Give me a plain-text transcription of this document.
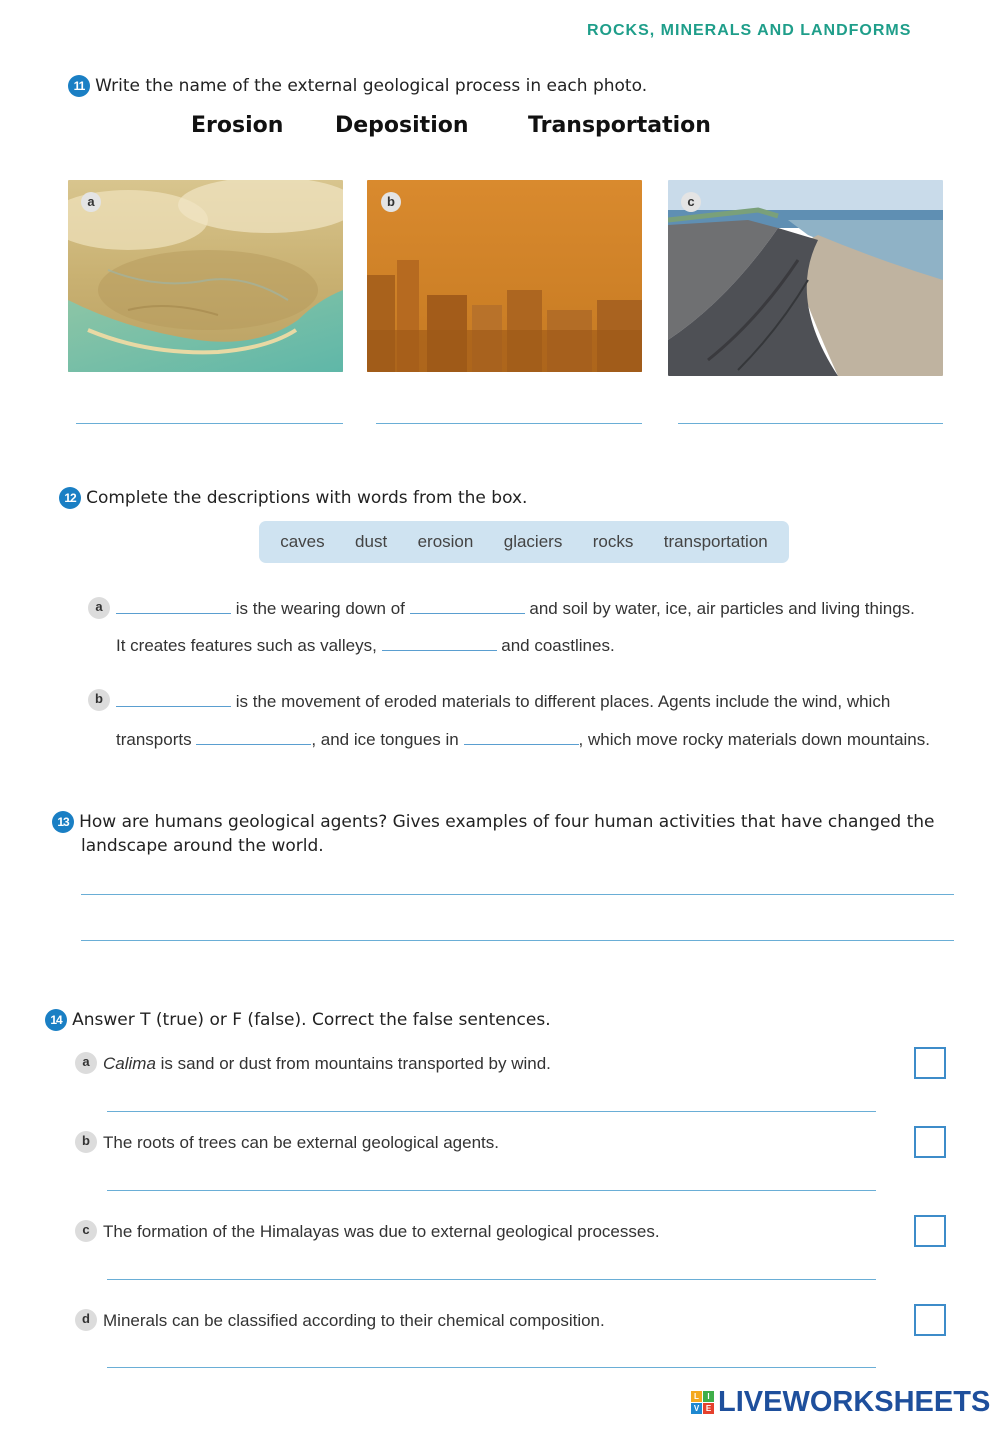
ROCKS, MINERALS AND LANDFORMS
11 Write the name of the external geological process in each photo.
Erosion Deposition	Transportation
a	b	c
12 Complete the descriptions with words from the box.
caves dust erosion glaciers rocks transportation
a	is the wearing down of	and soil by water, ice, air particles and living things.
It creates features such as valleys,	and coastlines.
b	is the movement of eroded materials to different places. Agents include the wind, which
transports	, and ice tongues in	, which move rocky materials down mountains.
13 How are humans geological agents? Gives examples of four human activities that have changed the
landscape around the world.
14 Answer T (true) or F (false). Correct the false sentences.
a Calima is sand or dust from mountains transported by wind.
b The roots of trees can be external geological agents.
c The formation of the Himalayas was due to external geological processes.
d Minerals can be classified according to their chemical composition.
L	I
V E LIVEWORKSHEETS
